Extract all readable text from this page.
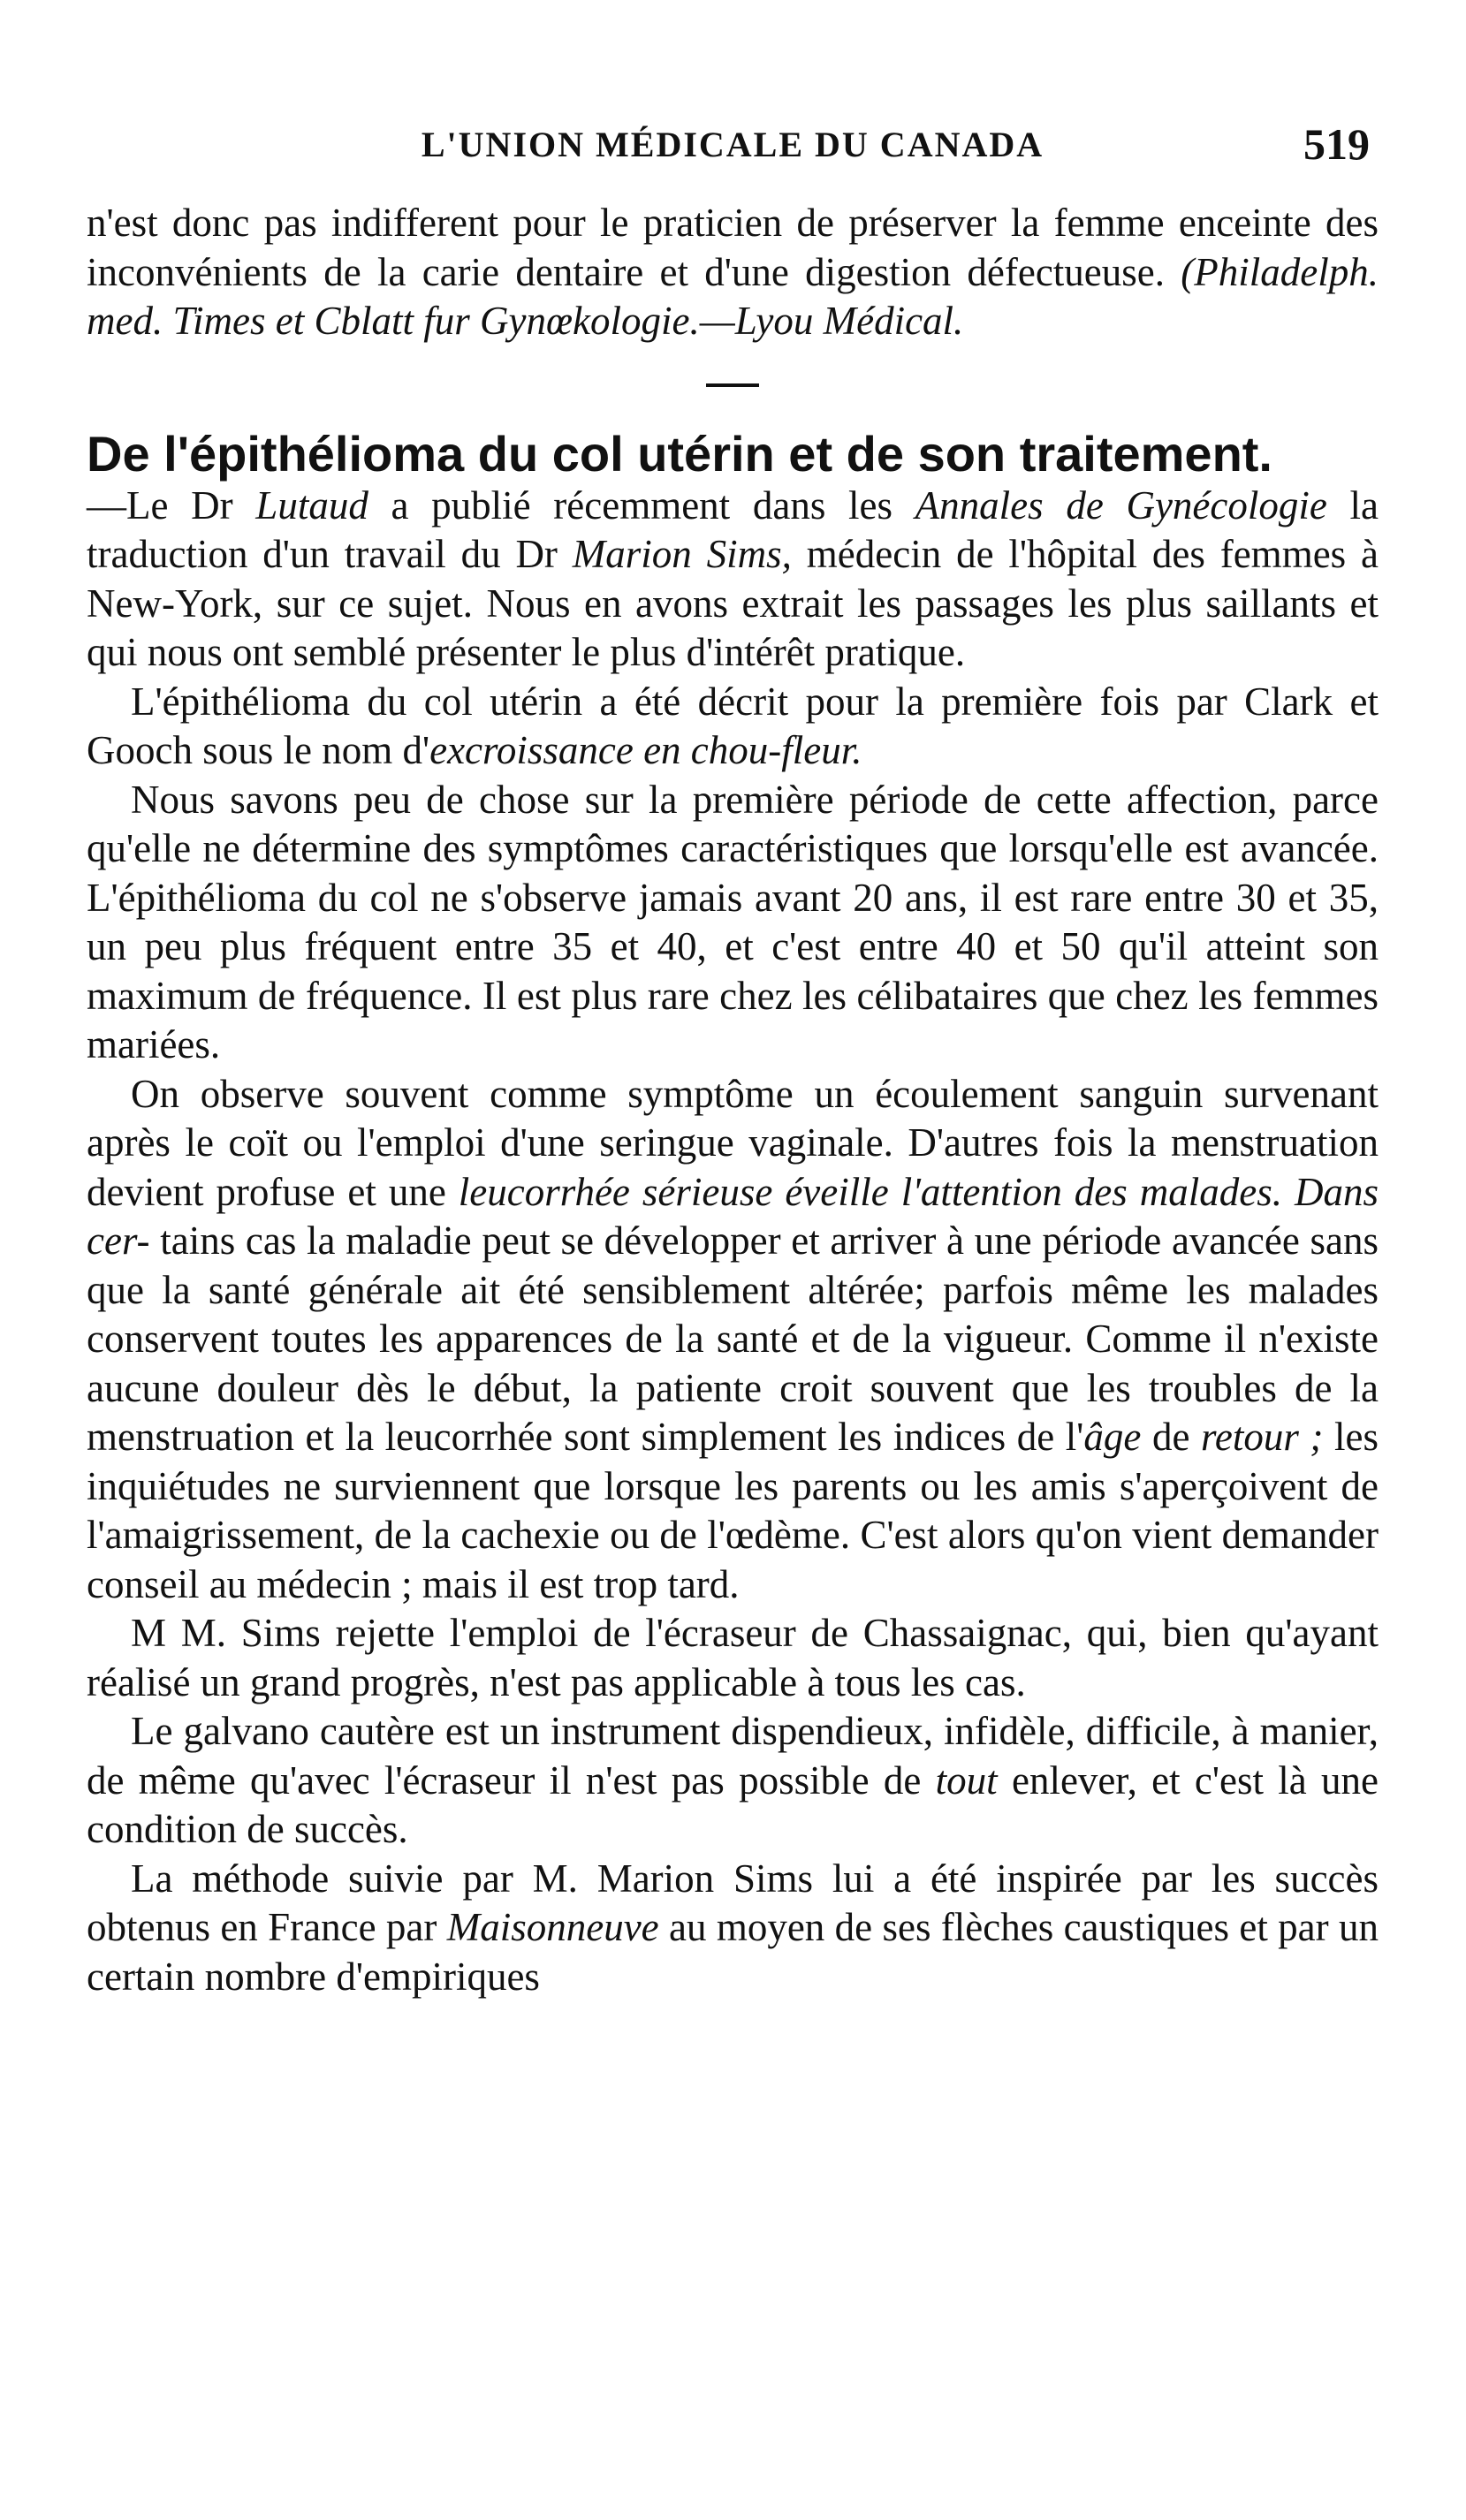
L'UNION MÉDICALE DU CANADA	519

n'est donc pas indifferent pour le praticien de préserver la femme enceinte des inconvénients de la carie dentaire et d'une digestion défectueuse. (Philadelph. med. Times et Cblatt fur Gynœkologie.—Lyou Médical.

De l'épithélioma du col utérin et de son traitement.

—Le Dr Lutaud a publié récemment dans les Annales de Gynécologie la traduction d'un travail du Dr Marion Sims, médecin de l'hôpital des femmes à New-York, sur ce sujet. Nous en avons extrait les passages les plus saillants et qui nous ont semblé présenter le plus d'intérêt pratique.

L'épithélioma du col utérin a été décrit pour la première fois par Clark et Gooch sous le nom d'excroissance en chou-fleur.

Nous savons peu de chose sur la première période de cette affection, parce qu'elle ne détermine des symptômes caractéristiques que lorsqu'elle est avancée. L'épithélioma du col ne s'observe jamais avant 20 ans, il est rare entre 30 et 35, un peu plus fréquent entre 35 et 40, et c'est entre 40 et 50 qu'il atteint son maximum de fréquence. Il est plus rare chez les célibataires que chez les femmes mariées.

On observe souvent comme symptôme un écoulement sanguin survenant après le coït ou l'emploi d'une seringue vaginale. D'autres fois la menstruation devient profuse et une leucorrhée sérieuse éveille l'attention des malades. Dans cer- tains cas la maladie peut se développer et arriver à une période avancée sans que la santé générale ait été sensiblement altérée; parfois même les malades conservent toutes les apparences de la santé et de la vigueur. Comme il n'existe aucune douleur dès le début, la patiente croit souvent que les troubles de la menstruation et la leucorrhée sont simplement les indices de l'âge de retour ; les inquiétudes ne surviennent que lorsque les parents ou les amis s'aperçoivent de l'amaigrissement, de la cachexie ou de l'œdème. C'est alors qu'on vient demander conseil au médecin ; mais il est trop tard.

M M. Sims rejette l'emploi de l'écraseur de Chassaignac, qui, bien qu'ayant réalisé un grand progrès, n'est pas applicable à tous les cas.

Le galvano cautère est un instrument dispendieux, infidèle, difficile, à manier, de même qu'avec l'écraseur il n'est pas possible de tout enlever, et c'est là une condition de succès.

La méthode suivie par M. Marion Sims lui a été inspirée par les succès obtenus en France par Maisonneuve au moyen de ses flèches caustiques et par un certain nombre d'empiriques
